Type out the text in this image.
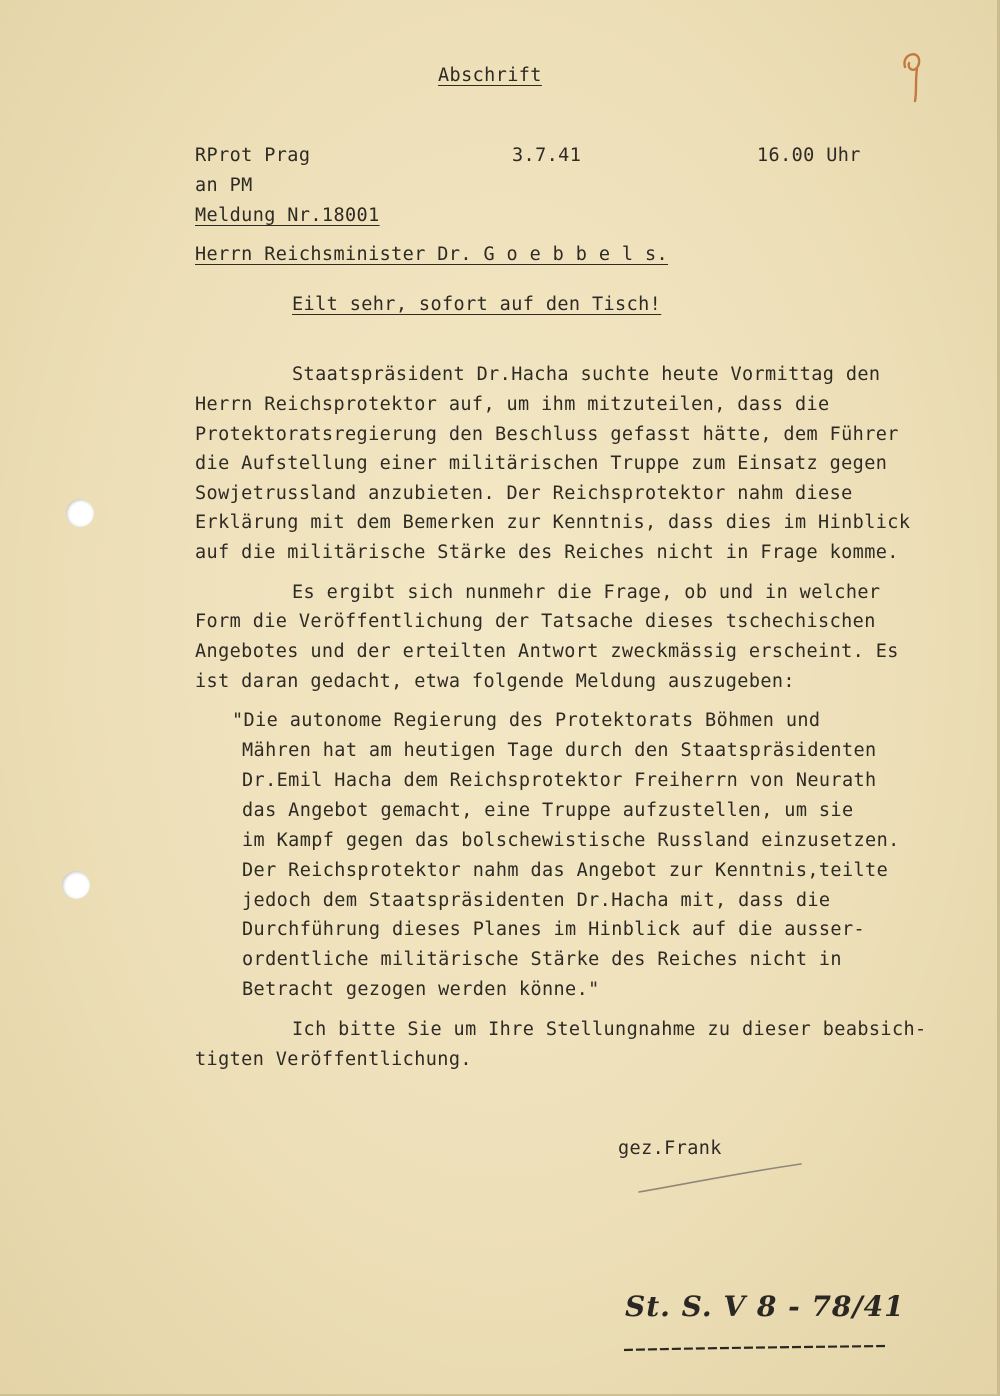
Abschrift
RProt Prag	3.7.41	16.00 Uhr
an PM
Meldung Nr.18001
Herrn Reichsminister Dr. G o e b b e l s.
Eilt sehr, sofort auf den Tisch!
Staatspräsident Dr.Hacha suchte heute Vormittag den
Herrn Reichsprotektor auf, um ihm mitzuteilen, dass die
Protektoratsregierung den Beschluss gefasst hätte, dem Führer
die Aufstellung einer militärischen Truppe zum Einsatz gegen
Sowjetrussland anzubieten. Der Reichsprotektor nahm diese
Erklärung mit dem Bemerken zur Kenntnis, dass dies im Hinblick
auf die militärische Stärke des Reiches nicht in Frage komme.
Es ergibt sich nunmehr die Frage, ob und in welcher
Form die Veröffentlichung der Tatsache dieses tschechischen
Angebotes und der erteilten Antwort zweckmässig erscheint. Es
ist daran gedacht, etwa folgende Meldung auszugeben:
"Die autonome Regierung des Protektorats Böhmen und
Mähren hat am heutigen Tage durch den Staatspräsidenten
Dr.Emil Hacha dem Reichsprotektor Freiherrn von Neurath
das Angebot gemacht, eine Truppe aufzustellen, um sie
im Kampf gegen das bolschewistische Russland einzusetzen.
Der Reichsprotektor nahm das Angebot zur Kenntnis,teilte
jedoch dem Staatspräsidenten Dr.Hacha mit, dass die
Durchführung dieses Planes im Hinblick auf die ausser-
ordentliche militärische Stärke des Reiches nicht in
Betracht gezogen werden könne."
Ich bitte Sie um Ihre Stellungnahme zu dieser beabsich-
tigten Veröffentlichung.
gez.Frank
St. S. V 8 - 78/41
